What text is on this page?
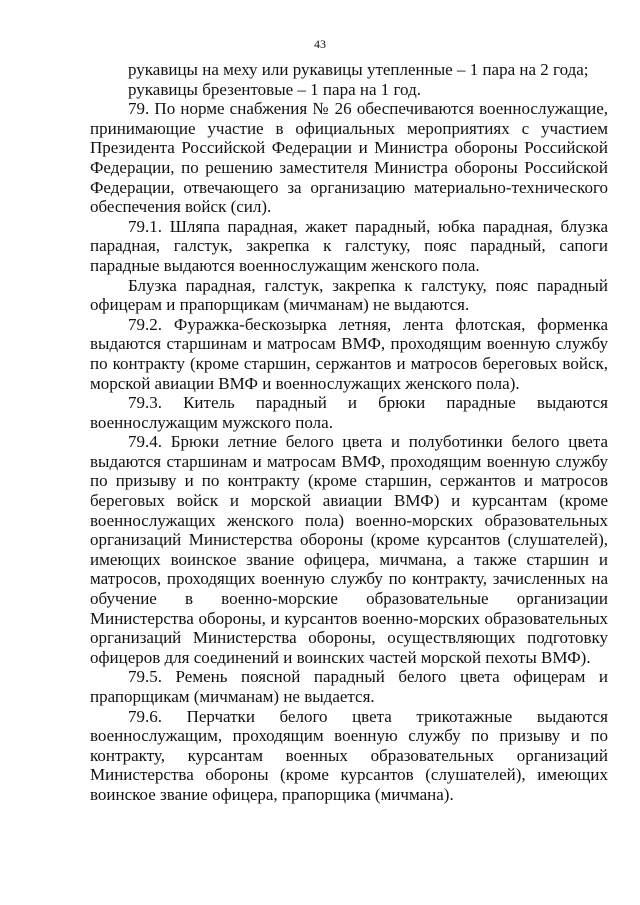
43

рукавицы на меху или рукавицы утепленные – 1 пара на 2 года;

рукавицы брезентовые – 1 пара на 1 год.

79. По норме снабжения № 26 обеспечиваются военнослужащие, принимающие участие в официальных мероприятиях с участием Президента Российской Федерации и Министра обороны Российской Федерации, по решению заместителя Министра обороны Российской Федерации, отвечающего за организацию материально-технического обеспечения войск (сил).

79.1. Шляпа парадная, жакет парадный, юбка парадная, блузка парадная, галстук, закрепка к галстуку, пояс парадный, сапоги парадные выдаются военнослужащим женского пола.

Блузка парадная, галстук, закрепка к галстуку, пояс парадный офицерам и прапорщикам (мичманам) не выдаются.

79.2. Фуражка-бескозырка летняя, лента флотская, форменка выдаются старшинам и матросам ВМФ, проходящим военную службу по контракту (кроме старшин, сержантов и матросов береговых войск, морской авиации ВМФ и военнослужащих женского пола).

79.3. Китель парадный и брюки парадные выдаются военнослужащим мужского пола.

79.4. Брюки летние белого цвета и полуботинки белого цвета выдаются старшинам и матросам ВМФ, проходящим военную службу по призыву и по контракту (кроме старшин, сержантов и матросов береговых войск и морской авиации ВМФ) и курсантам (кроме военнослужащих женского пола) военно-морских образовательных организаций Министерства обороны (кроме курсантов (слушателей), имеющих воинское звание офицера, мичмана, а также старшин и матросов, проходящих военную службу по контракту, зачисленных на обучение в военно-морские образовательные организации Министерства обороны, и курсантов военно-морских образовательных организаций Министерства обороны, осуществляющих подготовку офицеров для соединений и воинских частей морской пехоты ВМФ).

79.5. Ремень поясной парадный белого цвета офицерам и прапорщикам (мичманам) не выдается.

79.6. Перчатки белого цвета трикотажные выдаются военнослужащим, проходящим военную службу по призыву и по контракту, курсантам военных образовательных организаций Министерства обороны (кроме курсантов (слушателей), имеющих воинское звание офицера, прапорщика (мичмана).
